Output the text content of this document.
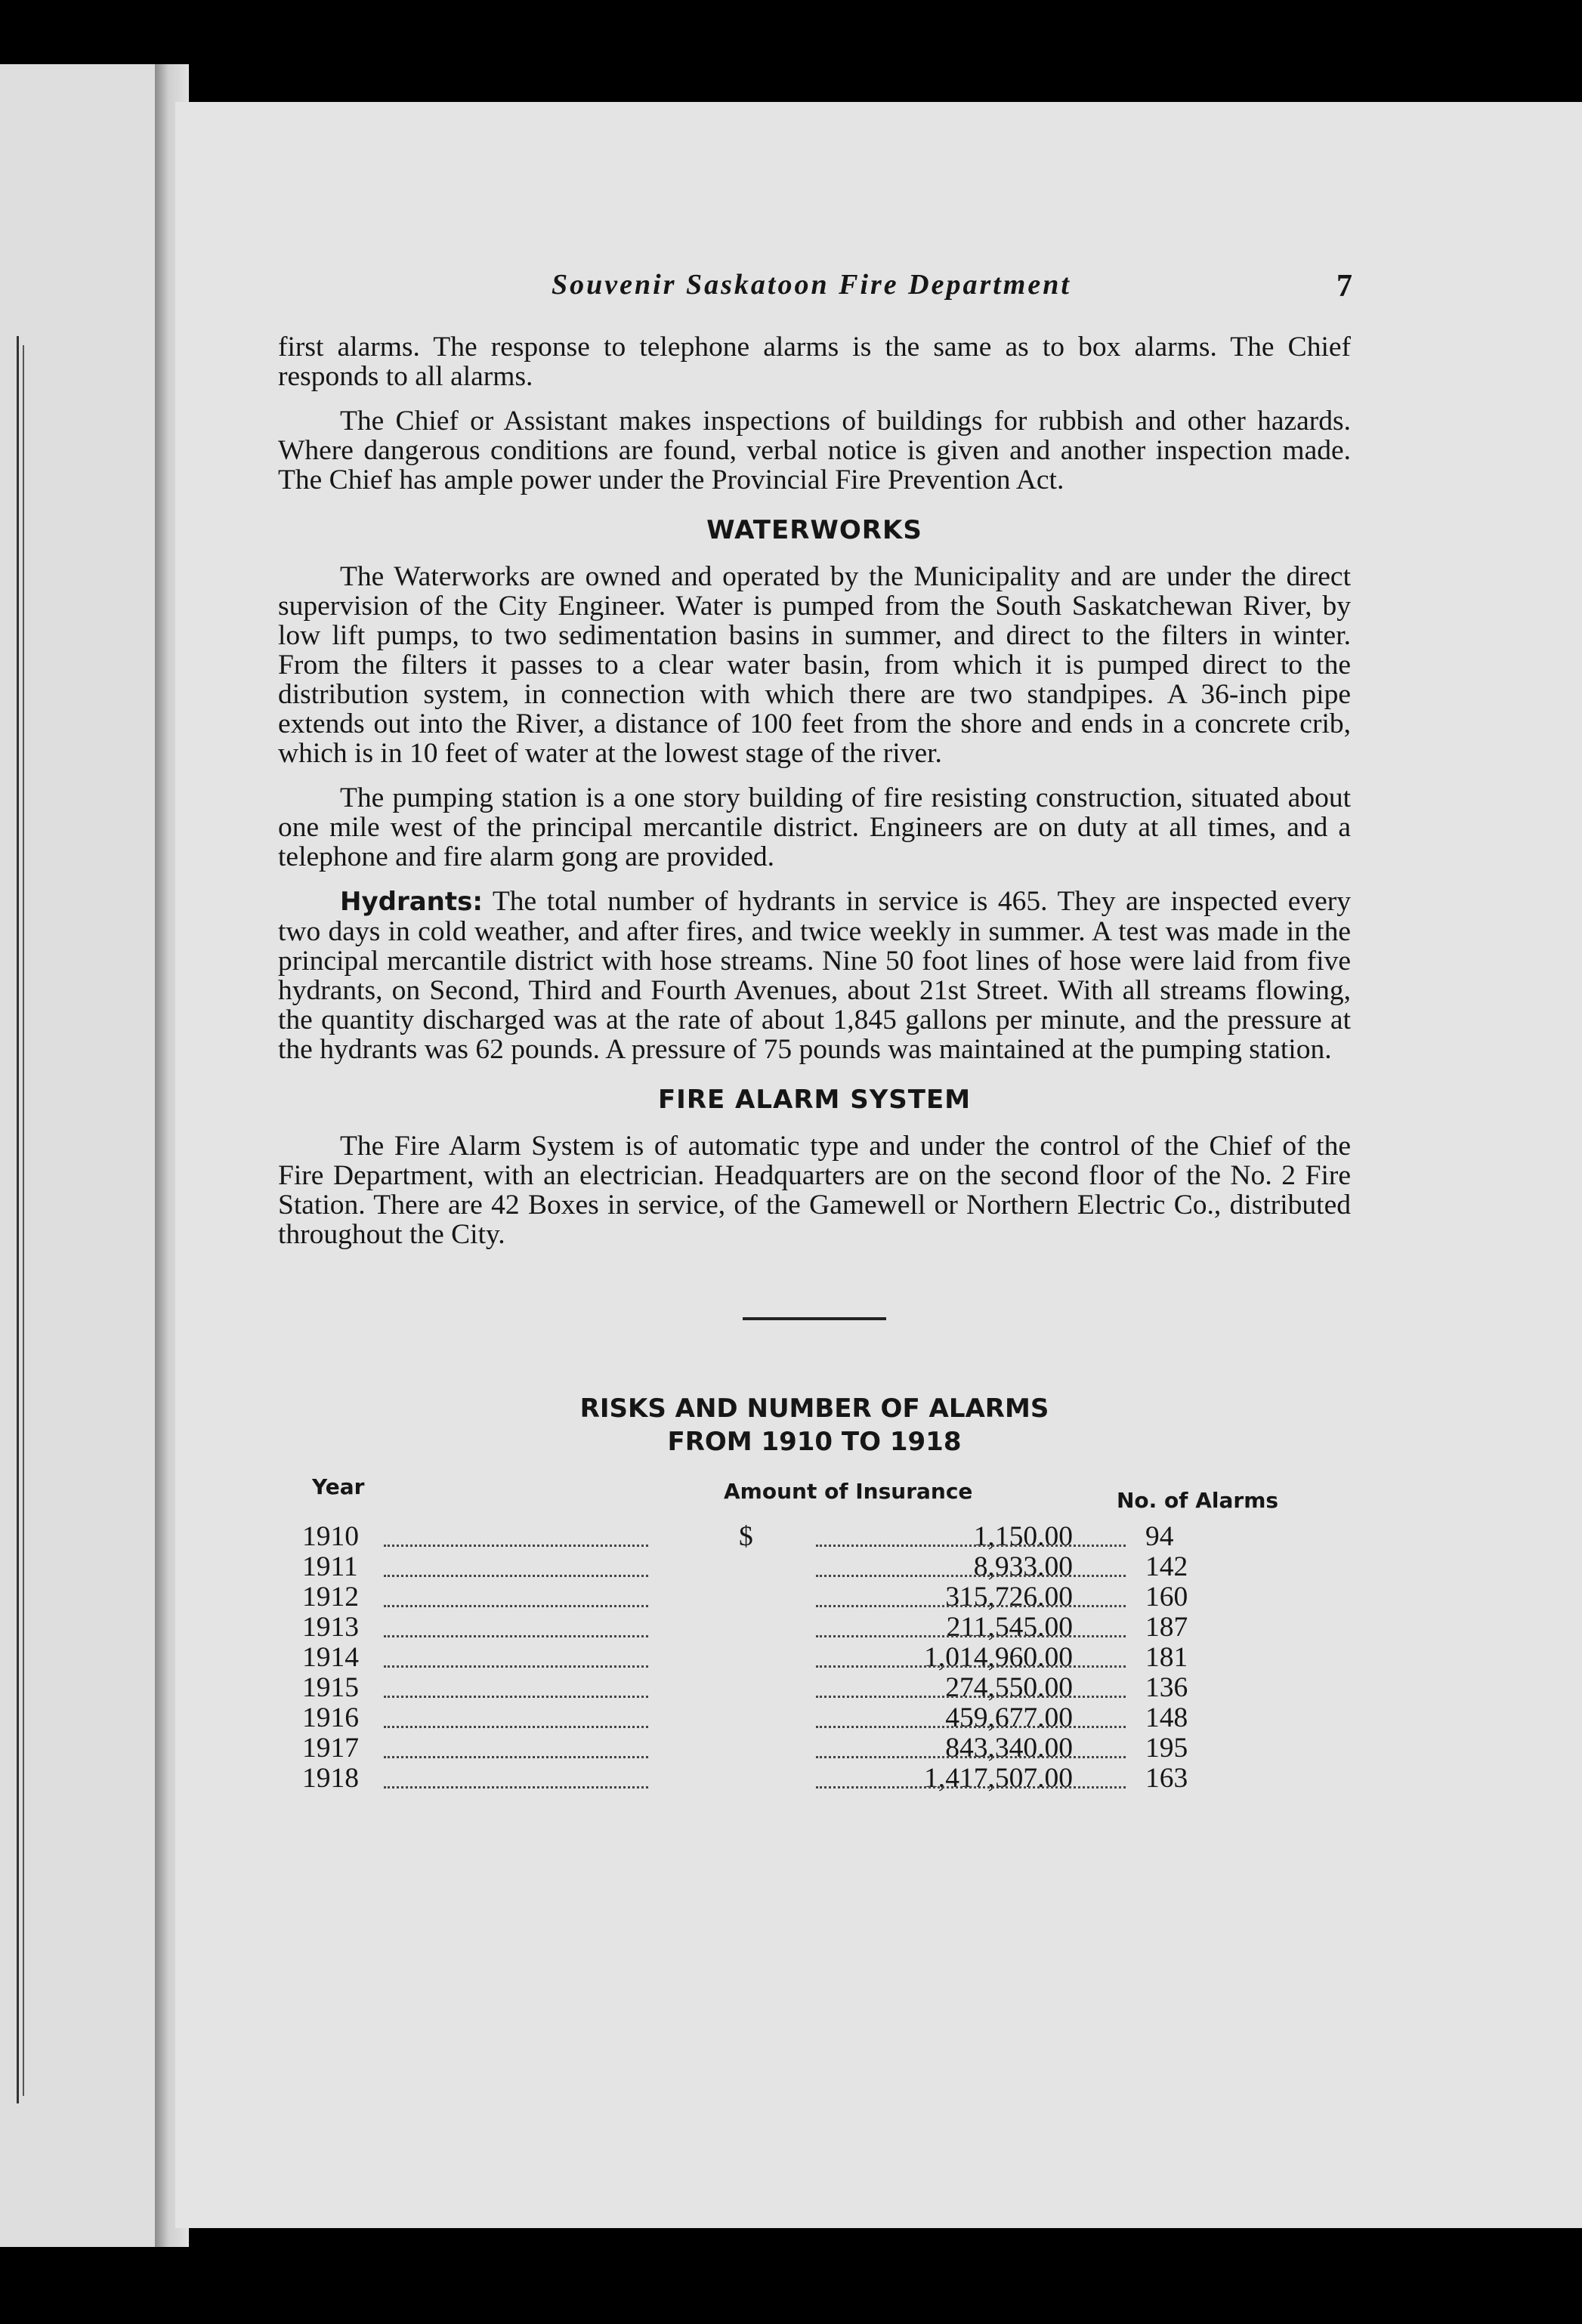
Souvenir Saskatoon Fire Department	7

first alarms. The response to telephone alarms is the same as to box alarms. The Chief responds to all alarms.

The Chief or Assistant makes inspections of buildings for rubbish and other hazards. Where dangerous conditions are found, verbal notice is given and another inspection made. The Chief has ample power under the Provincial Fire Prevention Act.

WATERWORKS

The Waterworks are owned and operated by the Municipality and are under the direct supervision of the City Engineer. Water is pumped from the South Saskatchewan River, by low lift pumps, to two sedimentation basins in summer, and direct to the filters in winter. From the filters it passes to a clear water basin, from which it is pumped direct to the distribution system, in connection with which there are two standpipes. A 36-inch pipe extends out into the River, a distance of 100 feet from the shore and ends in a concrete crib, which is in 10 feet of water at the lowest stage of the river.

The pumping station is a one story building of fire resisting construction, situated about one mile west of the principal mercantile district. Engineers are on duty at all times, and a telephone and fire alarm gong are provided.

Hydrants: The total number of hydrants in service is 465. They are inspected every two days in cold weather, and after fires, and twice weekly in summer. A test was made in the principal mercantile district with hose streams. Nine 50 foot lines of hose were laid from five hydrants, on Second, Third and Fourth Avenues, about 21st Street. With all streams flowing, the quantity discharged was at the rate of about 1,845 gallons per minute, and the pressure at the hydrants was 62 pounds. A pressure of 75 pounds was maintained at the pumping station.

FIRE ALARM SYSTEM

The Fire Alarm System is of automatic type and under the control of the Chief of the Fire Department, with an electrician. Headquarters are on the second floor of the No. 2 Fire Station. There are 42 Boxes in service, of the Gamewell or Northern Electric Co., distributed throughout the City.

RISKS AND NUMBER OF ALARMS
FROM 1910 TO 1918
Year	Amount of Insurance	No. of Alarms
1910	$	1,150.00	94
1911	8,933.00	142
1912	315,726.00	160
1913	211,545.00	187
1914	1,014,960.00	181
1915	274,550.00	136
1916	459,677.00	148
1917	843,340.00	195
1918	1,417,507.00	163
